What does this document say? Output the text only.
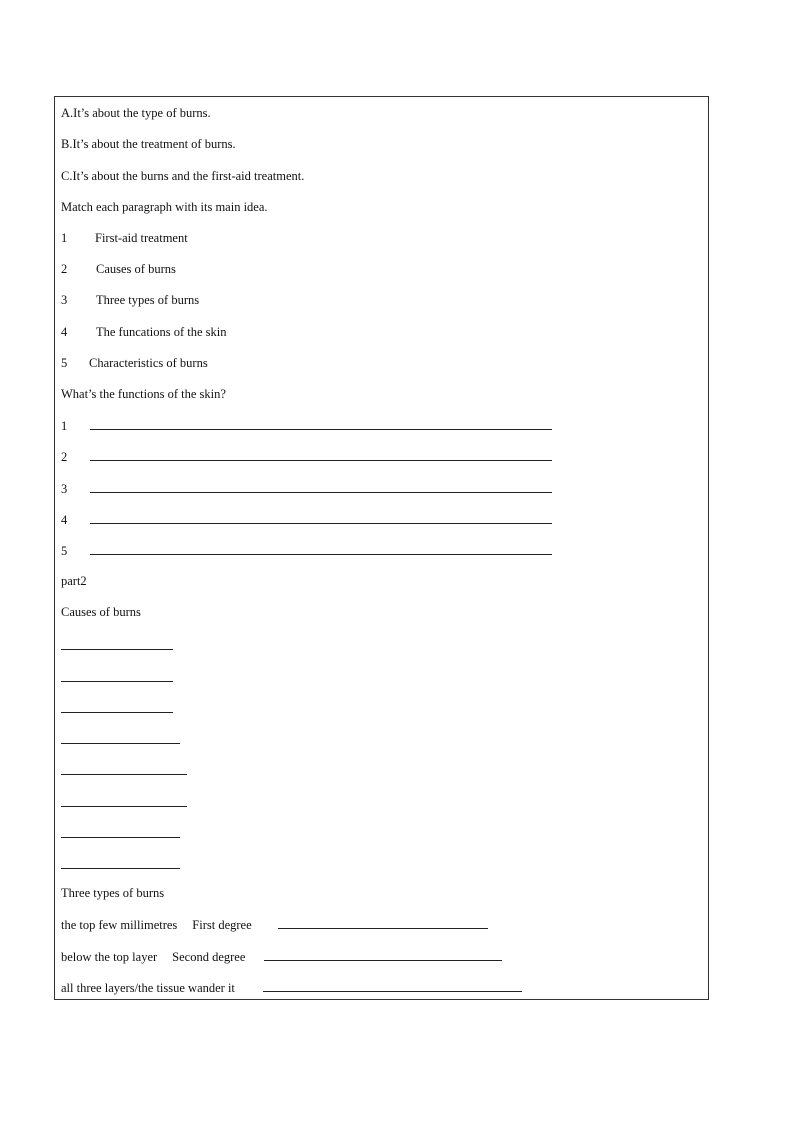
A.It’s about the type of burns.
B.It’s about the treatment of burns.
C.It’s about the burns and the first-aid treatment.
Match each paragraph with its main idea.
1 First-aid treatment
2 Causes of burns
3 Three types of burns
4 The funcations of the skin
5 Characteristics of burns
What’s the functions of the skin?
1
2
3
4
5
part2
Causes of burns
Three types of burns
the top few millimetres First degree
below the top layer Second degree
all three layers/the tissue wander it
